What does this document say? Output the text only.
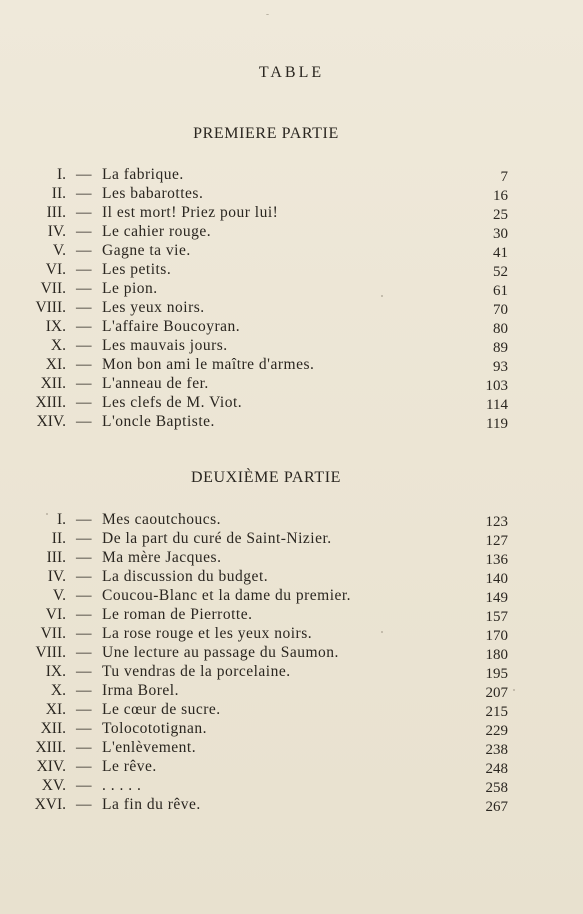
TABLE
PREMIERE PARTIE
I. — La fabrique.	7
II. — Les babarottes.	16
III. — Il est mort! Priez pour lui!	25
IV. — Le cahier rouge.	30
V. — Gagne ta vie.	41
VI. — Les petits.	52
VII. — Le pion.	61
VIII. — Les yeux noirs.	70
IX. — L'affaire Boucoyran.	80
X. — Les mauvais jours.	89
XI. — Mon bon ami le maître d'armes.	93
XII. — L'anneau de fer.	103
XIII. — Les clefs de M. Viot.	114
XIV. — L'oncle Baptiste.	119
DEUXIÈME PARTIE
I. — Mes caoutchoucs.	123
II. — De la part du curé de Saint-Nizier.	127
III. — Ma mère Jacques.	136
IV. — La discussion du budget.	140
V. — Coucou-Blanc et la dame du premier.	149
VI. — Le roman de Pierrotte.	157
VII. — La rose rouge et les yeux noirs.	170
VIII. — Une lecture au passage du Saumon.	180
IX. — Tu vendras de la porcelaine.	195
X. — Irma Borel.	207
XI. — Le cœur de sucre.	215
XII. — Tolocototignan.	229
XIII. — L'enlèvement.	238
XIV. — Le rêve.	248
XV. — . . . . .	258
XVI. — La fin du rêve.	267
